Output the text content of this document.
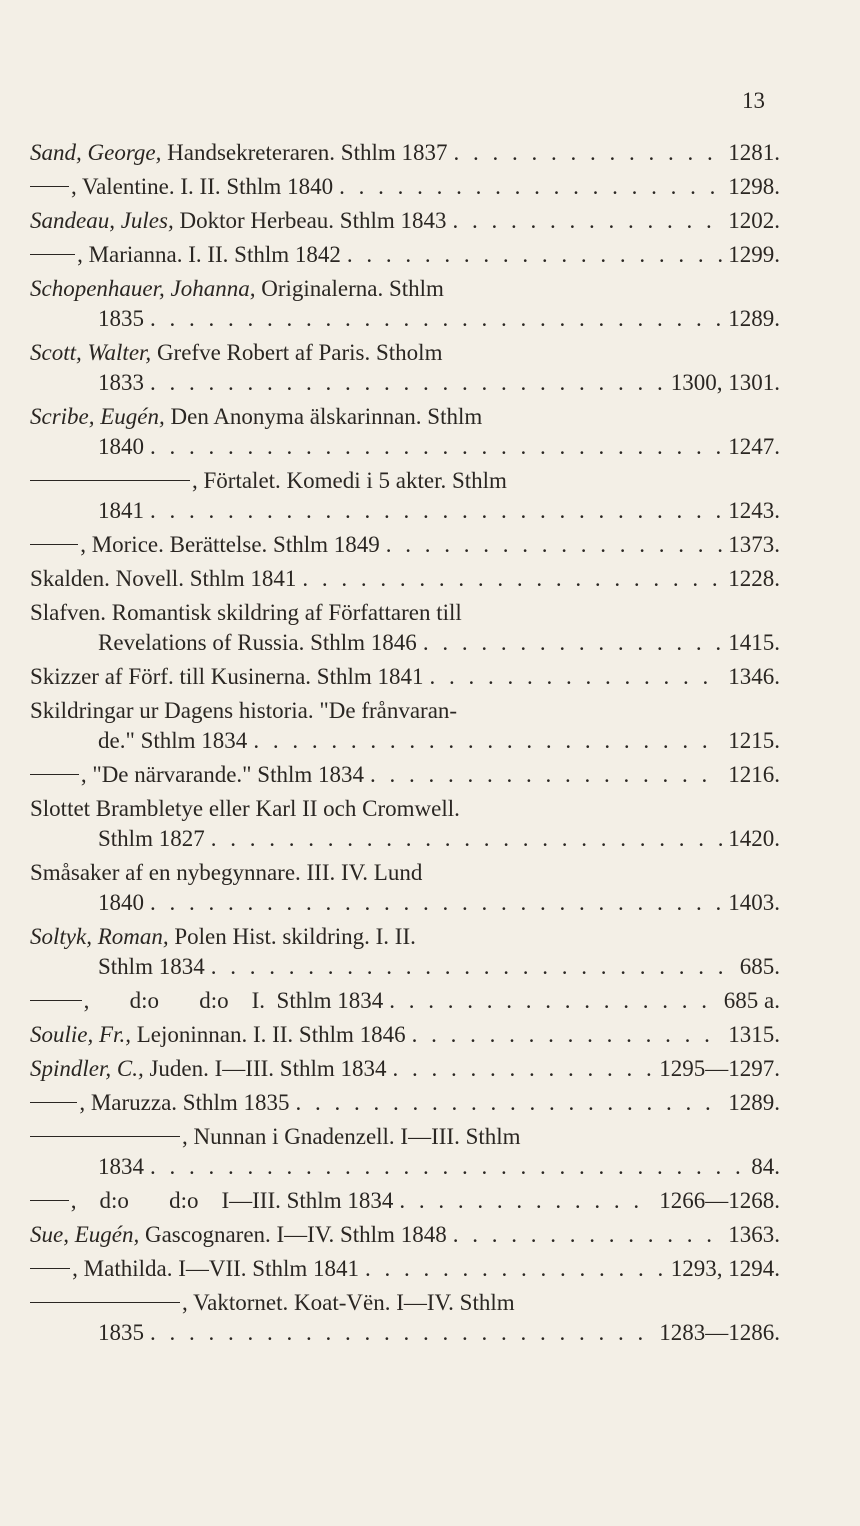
13
Sand, George, Handsekreteraren. Sthlm 1837 . . .	1281.
, Valentine. I. II. Sthlm 1840 . . .	1298.
Sandeau, Jules, Doktor Herbeau. Sthlm 1843 . . .	1202.
, Marianna. I. II. Sthlm 1842 . . .	1299.
Schopenhauer, Johanna, Originalerna. Sthlm
1835 . . .	1289.
Scott, Walter, Grefve Robert af Paris. Stholm
1833 . . .	1300, 1301.
Scribe, Eugén, Den Anonyma älskarinnan. Sthlm
1840 . . .	1247.
, Förtalet. Komedi i 5 akter. Sthlm
1841 . . .	1243.
, Morice. Berättelse. Sthlm 1849 . . .	1373.
Skalden. Novell. Sthlm 1841 . . .	1228.
Slafven. Romantisk skildring af Författaren till
Revelations of Russia. Sthlm 1846 . . .	1415.
Skizzer af Förf. till Kusinerna. Sthlm 1841 . . .	1346.
Skildringar ur Dagens historia. "De frånvaran-
de." Sthlm 1834 . . .	1215.
, "De närvarande." Sthlm 1834 . . .	1216.
Slottet Brambletye eller Karl II och Cromwell.
Sthlm 1827 . . .	1420.
Småsaker af en nybegynnare. III. IV. Lund
1840 . . .	1403.
Soltyk, Roman, Polen Hist. skildring. I. II.
Sthlm 1834 . . .	685.
,       d:o       d:o    I.  Sthlm 1834 . . .	685 a.
Soulie, Fr., Lejoninnan. I. II. Sthlm 1846 . . .	1315.
Spindler, C., Juden. I—III. Sthlm 1834 . . .	1295—1297.
, Maruzza. Sthlm 1835 . . .	1289.
, Nunnan i Gnadenzell. I—III. Sthlm
1834 . . .	84.
,    d:o       d:o    I—III. Sthlm 1834 . . .	1266—1268.
Sue, Eugén, Gascognaren. I—IV. Sthlm 1848 . . .	1363.
, Mathilda. I—VII. Sthlm 1841 . . .	1293, 1294.
, Vaktornet. Koat-Vën. I—IV. Sthlm
1835 . . .	1283—1286.
